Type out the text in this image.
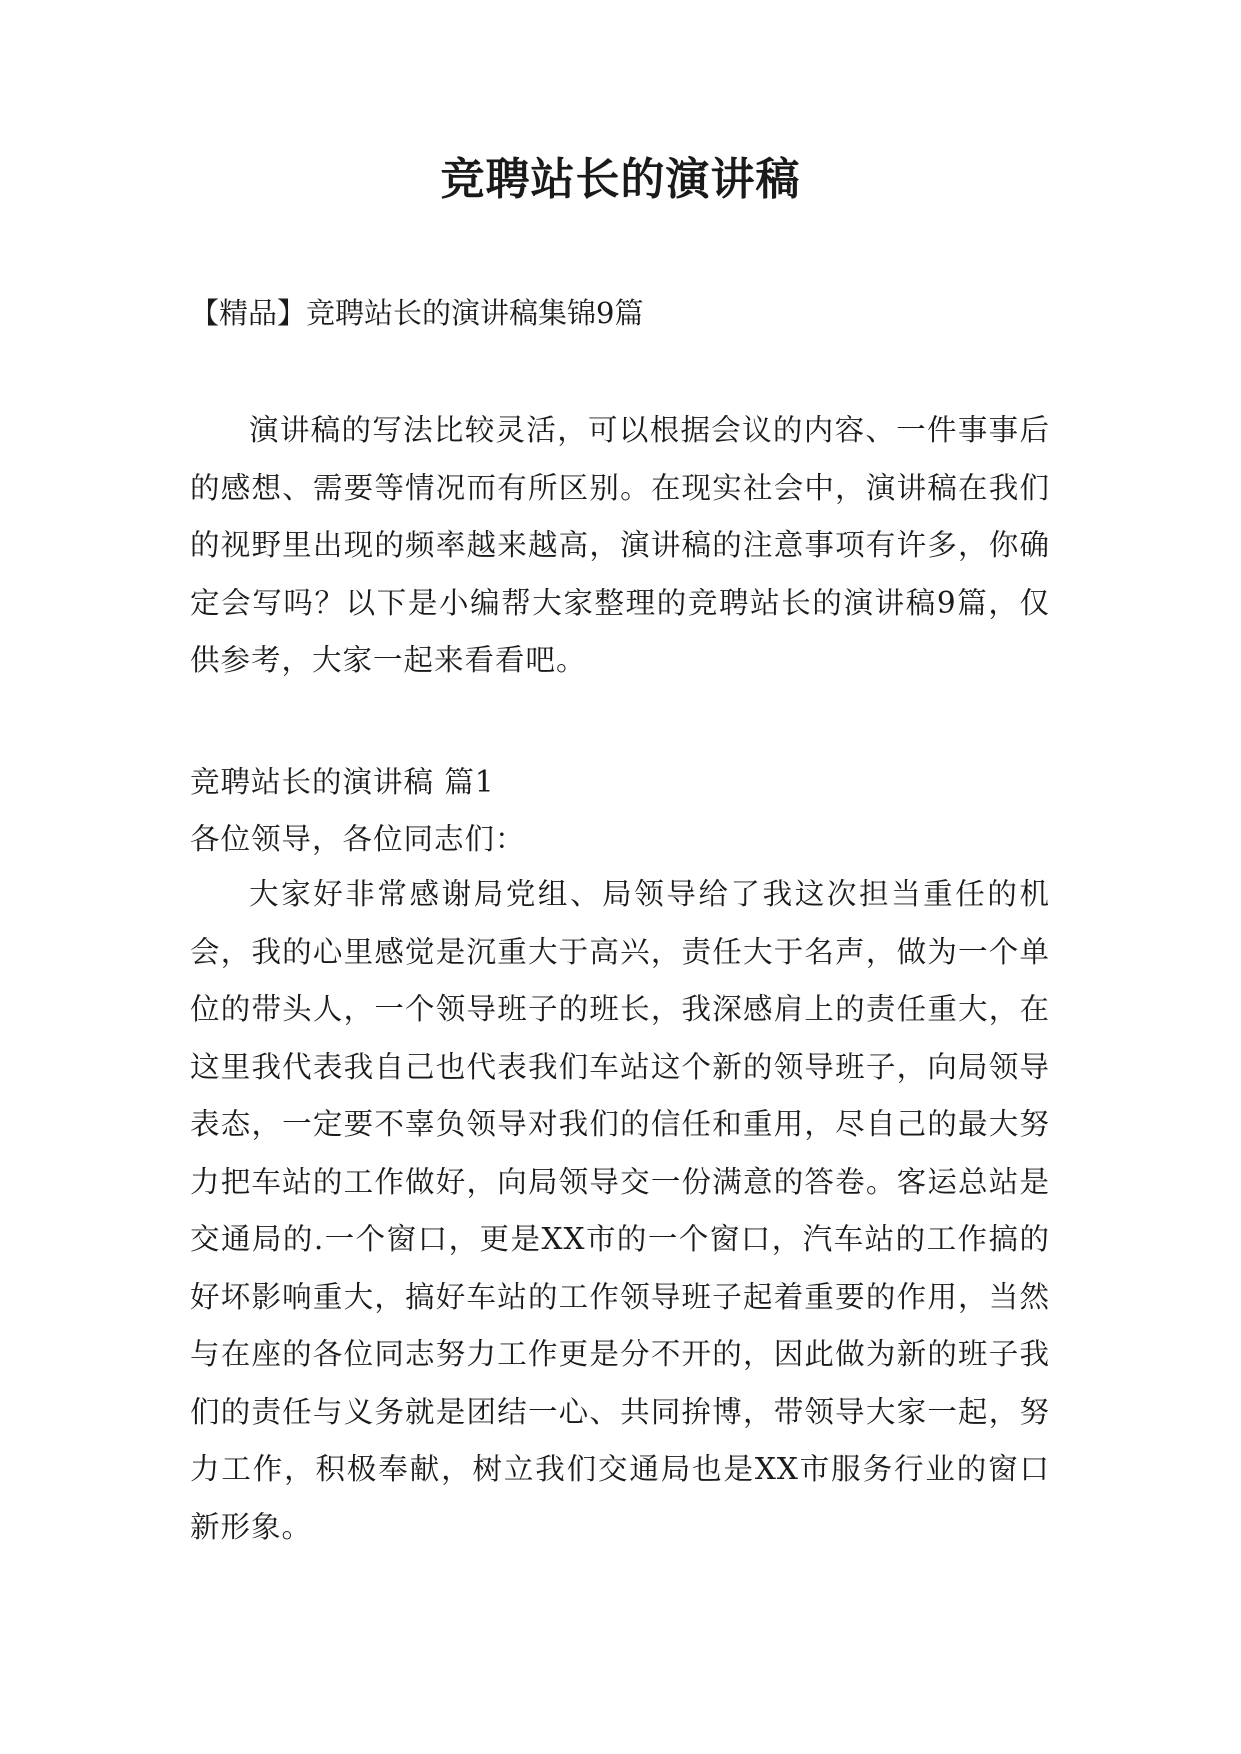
竞聘站长的演讲稿

【精品】竞聘站长的演讲稿集锦9篇

演讲稿的写法比较灵活，可以根据会议的内容、一件事事后的感想、需要等情况而有所区别。在现实社会中，演讲稿在我们的视野里出现的频率越来越高，演讲稿的注意事项有许多，你确定会写吗？以下是小编帮大家整理的竞聘站长的演讲稿9篇，仅供参考，大家一起来看看吧。

竞聘站长的演讲稿 篇1

各位领导，各位同志们：

大家好非常感谢局党组、局领导给了我这次担当重任的机会，我的心里感觉是沉重大于高兴，责任大于名声，做为一个单位的带头人，一个领导班子的班长，我深感肩上的责任重大，在这里我代表我自己也代表我们车站这个新的领导班子，向局领导表态，一定要不辜负领导对我们的信任和重用，尽自己的最大努力把车站的工作做好，向局领导交一份满意的答卷。客运总站是交通局的.一个窗口，更是XX市的一个窗口，汽车站的工作搞的好坏影响重大，搞好车站的工作领导班子起着重要的作用，当然与在座的各位同志努力工作更是分不开的，因此做为新的班子我们的责任与义务就是团结一心、共同拚博，带领导大家一起，努力工作，积极奉献，树立我们交通局也是XX市服务行业的窗口新形象。
